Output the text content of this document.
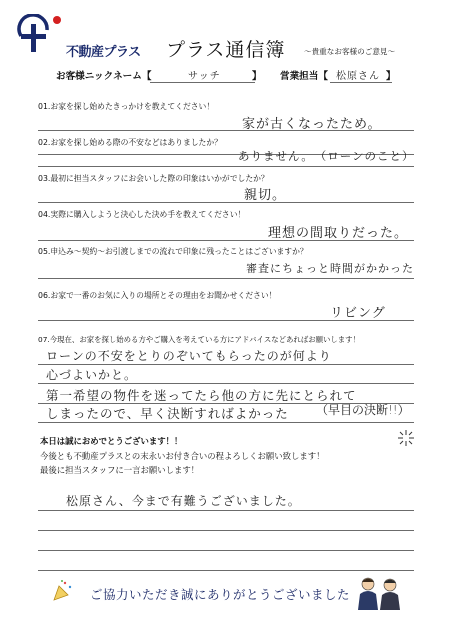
不動産プラス プラス通信簿 ～貴重なお客様のご意見～
お客様ニックネーム【	サッチ	】 営業担当【 松原さん 】
01.お家を探し始めたきっかけを教えてください！
家が古くなったため。
02.お家を探し始める際の不安などはありましたか？
ありません。　（ローンのこと）
03.最初に担当スタッフにお会いした際の印象はいかがでしたか？
親切。
04.実際に購入しようと決心した決め手を教えてください！
理想の間取りだった。
05.申込み～契約～お引渡しまでの流れで印象に残ったことはございますか？
審査にちょっと時間がかかった
06.お家で一番のお気に入りの場所とその理由をお聞かせください！
リビング
07.今現在、お家を探し始める方やご購入を考えている方にアドバイスなどあればお願いします！
ローンの不安をとりのぞいてもらったのが何より
心づよいかと。
第一希望の物件を迷ってたら他の方に先にとられて
しまったので、早く決断すればよかった （早目の決断!!）
本日は誠におめでとうございます！！
今後とも不動産プラスとの末永いお付き合いの程よろしくお願い致します！
最後に担当スタッフに一言お願いします！
松原さん、今まで有難うございました。
ご協力いただき誠にありがとうございました
